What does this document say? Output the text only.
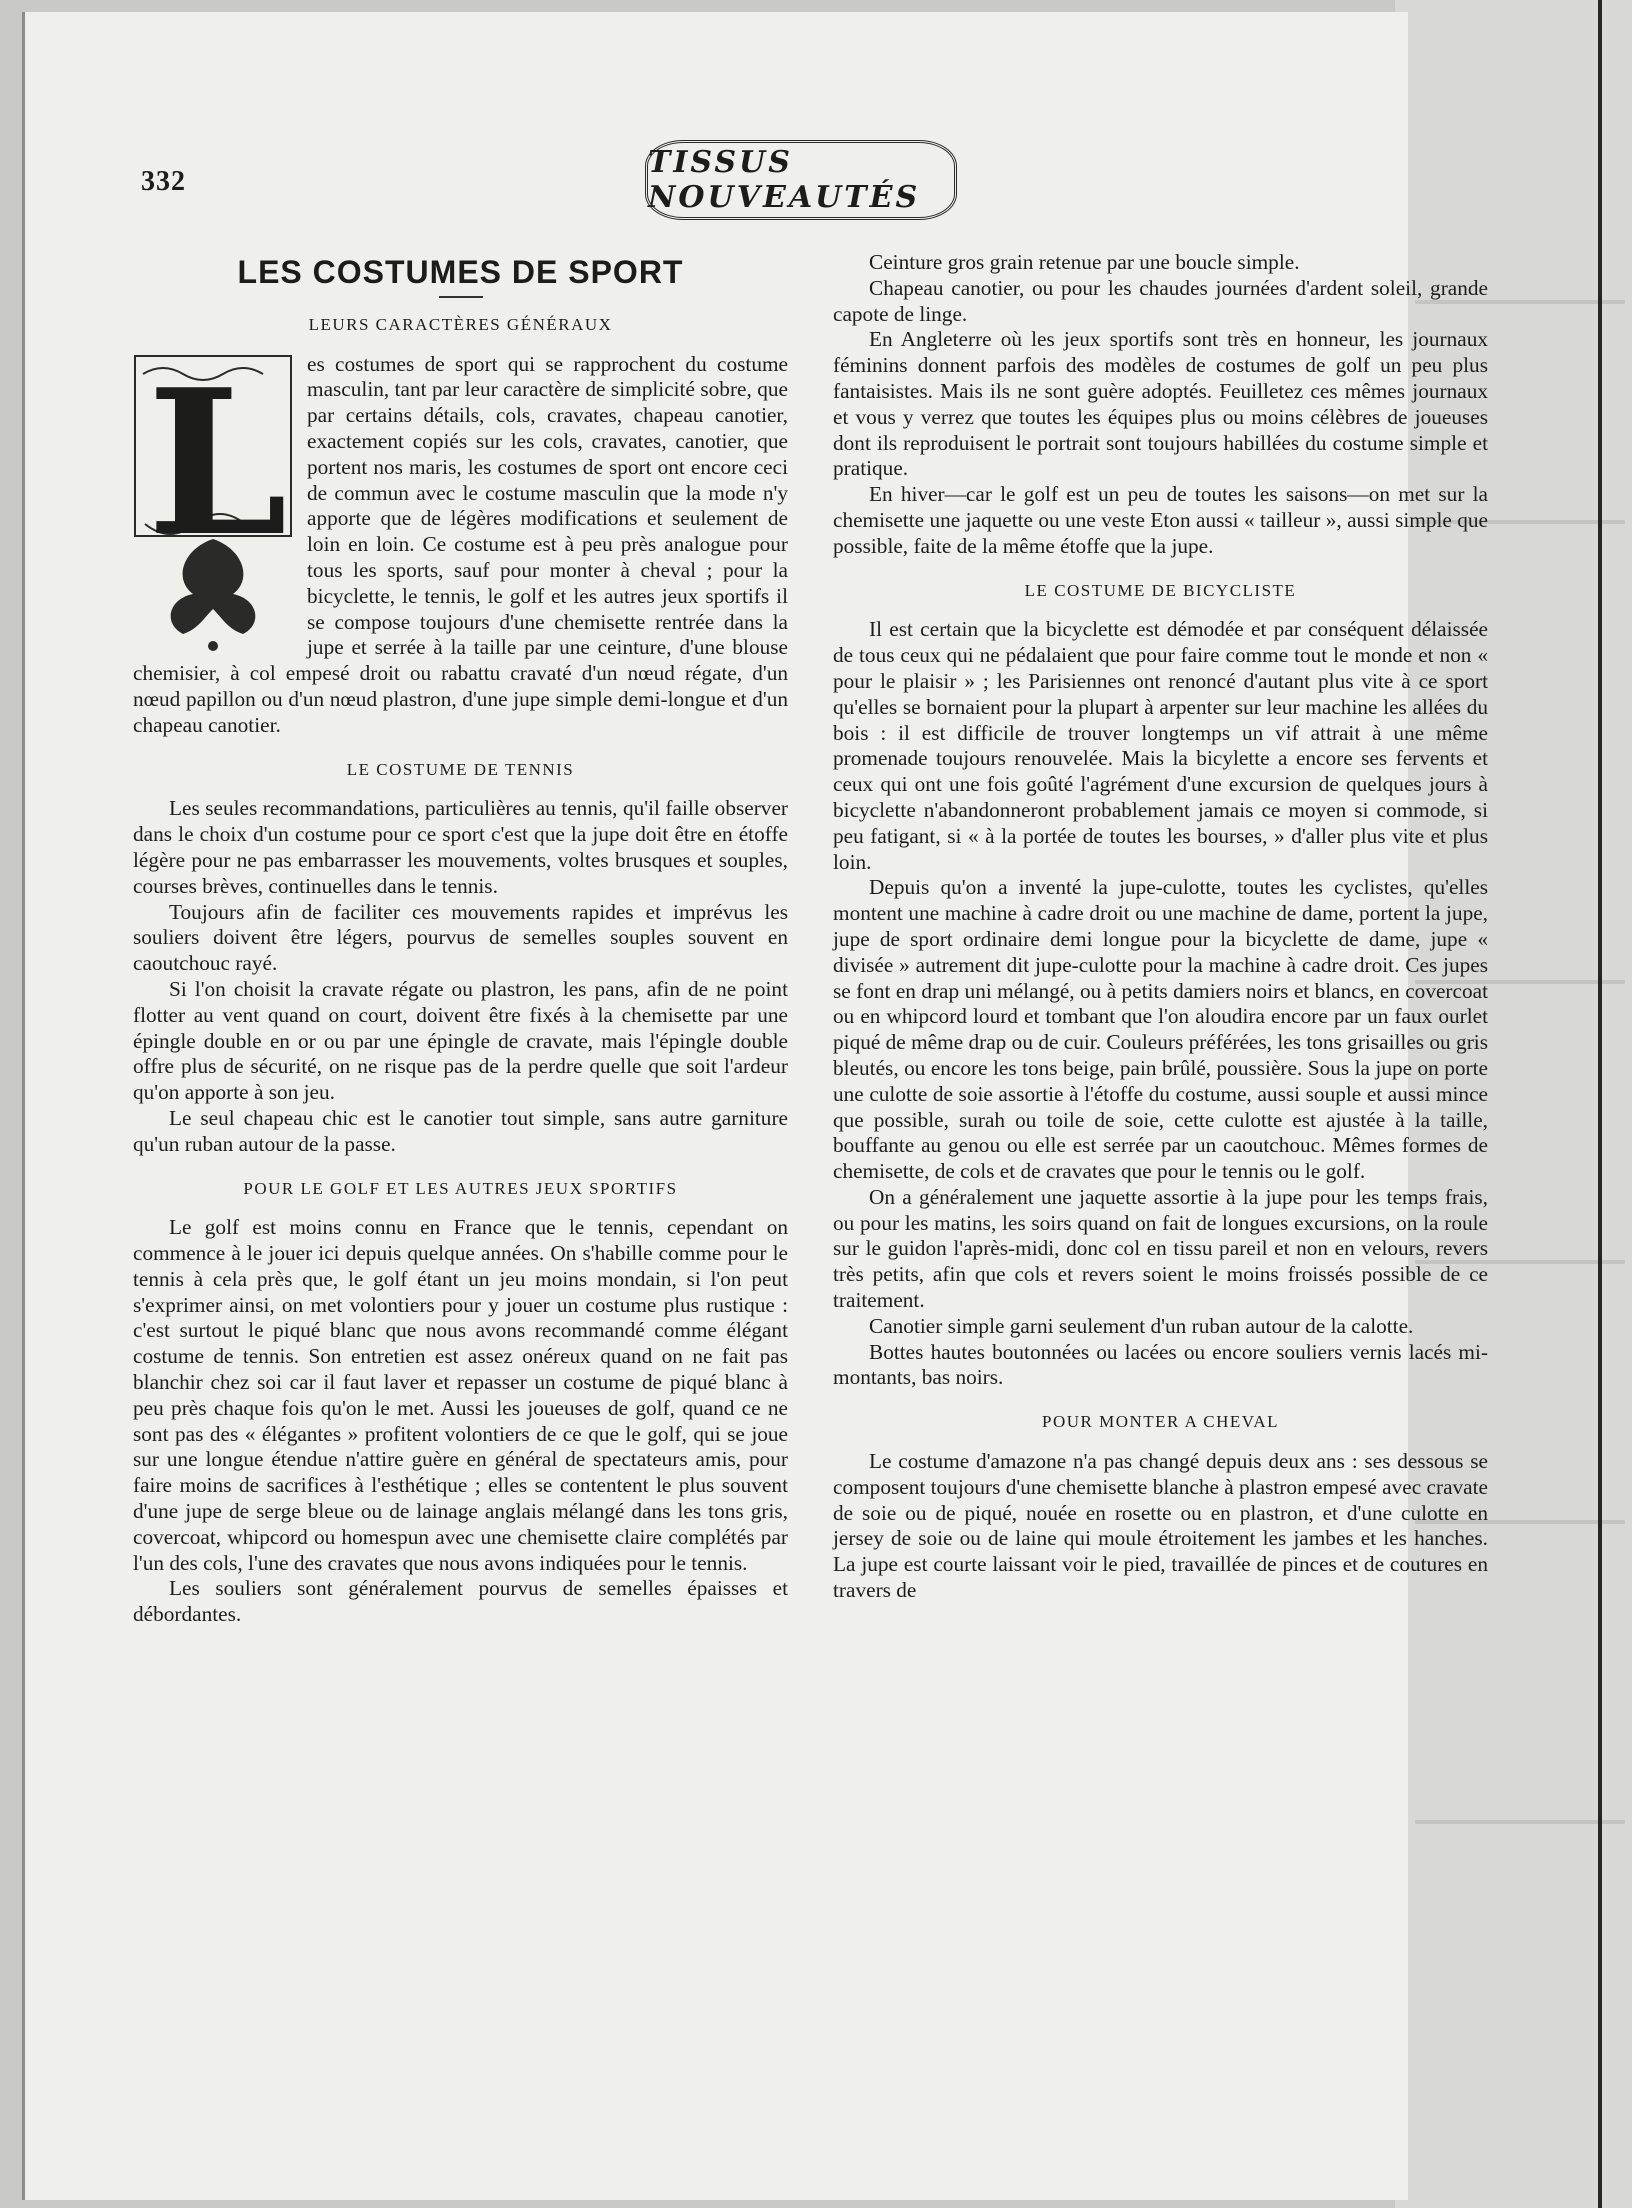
332
TISSUS NOUVEAUTÉS
LES COSTUMES DE SPORT
LEURS CARACTÈRES GÉNÉRAUX

L es costumes de sport qui se rapprochent du costume masculin, tant par leur caractère de simplicité sobre, que par certains détails, cols, cravates, chapeau canotier, exactement copiés sur les cols, cravates, canotier, que portent nos maris, les costumes de sport ont encore ceci de commun avec le costume masculin que la mode n'y apporte que de légères modifications et seulement de loin en loin. Ce costume est à peu près analogue pour tous les sports, sauf pour monter à cheval ; pour la bicyclette, le tennis, le golf et les autres jeux sportifs il se compose toujours d'une chemisette rentrée dans la jupe et serrée à la taille par une ceinture, d'une blouse chemisier, à col empesé droit ou rabattu cravaté d'un nœud régate, d'un nœud papillon ou d'un nœud plastron, d'une jupe simple demi-longue et d'un chapeau canotier.

LE COSTUME DE TENNIS

Les seules recommandations, particulières au tennis, qu'il faille observer dans le choix d'un costume pour ce sport c'est que la jupe doit être en étoffe légère pour ne pas embarrasser les mouvements, voltes brusques et souples, courses brèves, continuelles dans le tennis.

Toujours afin de faciliter ces mouvements rapides et imprévus les souliers doivent être légers, pourvus de semelles souples souvent en caoutchouc rayé.

Si l'on choisit la cravate régate ou plastron, les pans, afin de ne point flotter au vent quand on court, doivent être fixés à la chemisette par une épingle double en or ou par une épingle de cravate, mais l'épingle double offre plus de sécurité, on ne risque pas de la perdre quelle que soit l'ardeur qu'on apporte à son jeu.

Le seul chapeau chic est le canotier tout simple, sans autre garniture qu'un ruban autour de la passe.

POUR LE GOLF ET LES AUTRES JEUX SPORTIFS

Le golf est moins connu en France que le tennis, cependant on commence à le jouer ici depuis quelque années. On s'habille comme pour le tennis à cela près que, le golf étant un jeu moins mondain, si l'on peut s'exprimer ainsi, on met volontiers pour y jouer un costume plus rustique : c'est surtout le piqué blanc que nous avons recommandé comme élégant costume de tennis. Son entretien est assez onéreux quand on ne fait pas blanchir chez soi car il faut laver et repasser un costume de piqué blanc à peu près chaque fois qu'on le met. Aussi les joueuses de golf, quand ce ne sont pas des « élégantes » profitent volontiers de ce que le golf, qui se joue sur une longue étendue n'attire guère en général de spectateurs amis, pour faire moins de sacrifices à l'esthétique ; elles se contentent le plus souvent d'une jupe de serge bleue ou de lainage anglais mélangé dans les tons gris, covercoat, whipcord ou homespun avec une chemisette claire complétés par l'un des cols, l'une des cravates que nous avons indiquées pour le tennis.

Les souliers sont généralement pourvus de semelles épaisses et débordantes.

Ceinture gros grain retenue par une boucle simple.

Chapeau canotier, ou pour les chaudes journées d'ardent soleil, grande capote de linge.

En Angleterre où les jeux sportifs sont très en honneur, les journaux féminins donnent parfois des modèles de costumes de golf un peu plus fantaisistes. Mais ils ne sont guère adoptés. Feuilletez ces mêmes journaux et vous y verrez que toutes les équipes plus ou moins célèbres de joueuses dont ils reproduisent le portrait sont toujours habillées du costume simple et pratique.

En hiver—car le golf est un peu de toutes les saisons—on met sur la chemisette une jaquette ou une veste Eton aussi « tailleur », aussi simple que possible, faite de la même étoffe que la jupe.

LE COSTUME DE BICYCLISTE

Il est certain que la bicyclette est démodée et par conséquent délaissée de tous ceux qui ne pédalaient que pour faire comme tout le monde et non « pour le plaisir » ; les Parisiennes ont renoncé d'autant plus vite à ce sport qu'elles se bornaient pour la plupart à arpenter sur leur machine les allées du bois : il est difficile de trouver longtemps un vif attrait à une même promenade toujours renouvelée. Mais la bicylette a encore ses fervents et ceux qui ont une fois goûté l'agrément d'une excursion de quelques jours à bicyclette n'abandonneront probablement jamais ce moyen si commode, si peu fatigant, si « à la portée de toutes les bourses, » d'aller plus vite et plus loin.

Depuis qu'on a inventé la jupe-culotte, toutes les cyclistes, qu'elles montent une machine à cadre droit ou une machine de dame, portent la jupe, jupe de sport ordinaire demi longue pour la bicyclette de dame, jupe « divisée » autrement dit jupe-culotte pour la machine à cadre droit. Ces jupes se font en drap uni mélangé, ou à petits damiers noirs et blancs, en covercoat ou en whipcord lourd et tombant que l'on aloudira encore par un faux ourlet piqué de même drap ou de cuir. Couleurs préférées, les tons grisailles ou gris bleutés, ou encore les tons beige, pain brûlé, poussière. Sous la jupe on porte une culotte de soie assortie à l'étoffe du costume, aussi souple et aussi mince que possible, surah ou toile de soie, cette culotte est ajustée à la taille, bouffante au genou ou elle est serrée par un caoutchouc. Mêmes formes de chemisette, de cols et de cravates que pour le tennis ou le golf.

On a généralement une jaquette assortie à la jupe pour les temps frais, ou pour les matins, les soirs quand on fait de longues excursions, on la roule sur le guidon l'après-midi, donc col en tissu pareil et non en velours, revers très petits, afin que cols et revers soient le moins froissés possible de ce traitement.

Canotier simple garni seulement d'un ruban autour de la calotte.

Bottes hautes boutonnées ou lacées ou encore souliers vernis lacés mi-montants, bas noirs.

POUR MONTER A CHEVAL

Le costume d'amazone n'a pas changé depuis deux ans : ses dessous se composent toujours d'une chemisette blanche à plastron empesé avec cravate de soie ou de piqué, nouée en rosette ou en plastron, et d'une culotte en jersey de soie ou de laine qui moule étroitement les jambes et les hanches. La jupe est courte laissant voir le pied, travaillée de pinces et de coutures en travers de
